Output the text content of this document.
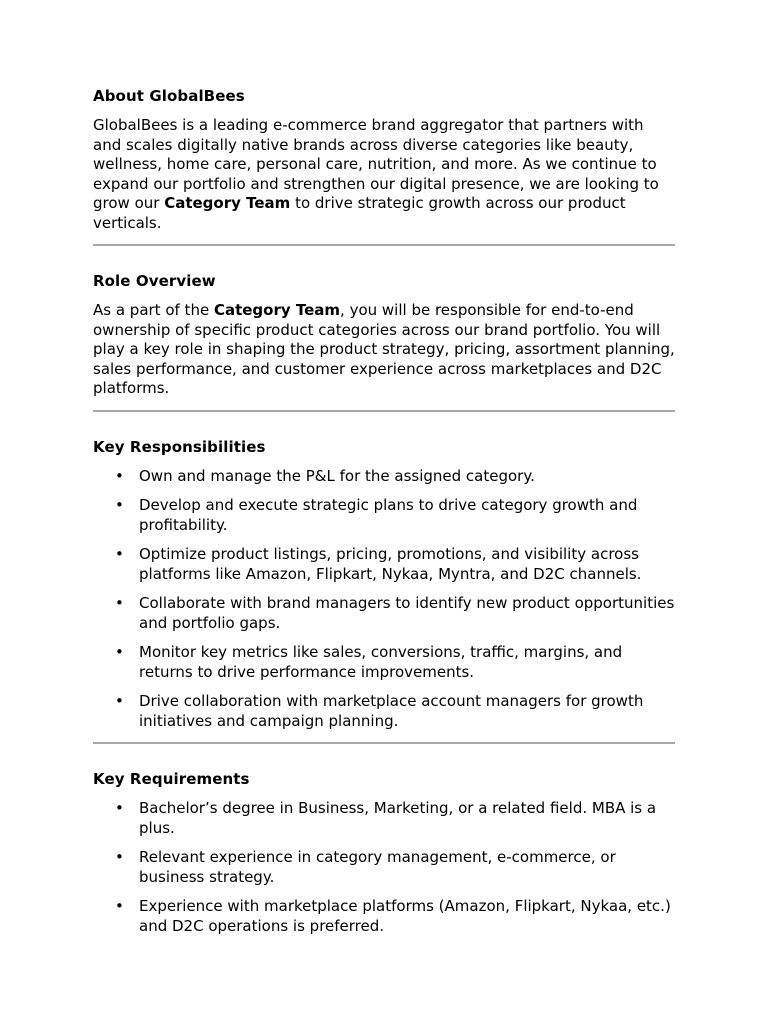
About GlobalBees

GlobalBees is a leading e-commerce brand aggregator that partners with and scales digitally native brands across diverse categories like beauty, wellness, home care, personal care, nutrition, and more. As we continue to expand our portfolio and strengthen our digital presence, we are looking to grow our Category Team to drive strategic growth across our product verticals.

Role Overview

As a part of the Category Team, you will be responsible for end-to-end ownership of specific product categories across our brand portfolio. You will play a key role in shaping the product strategy, pricing, assortment planning, sales performance, and customer experience across marketplaces and D2C platforms.

Key Responsibilities
• Own and manage the P&L for the assigned category.
• Develop and execute strategic plans to drive category growth and profitability.
• Optimize product listings, pricing, promotions, and visibility across platforms like Amazon, Flipkart, Nykaa, Myntra, and D2C channels.
• Collaborate with brand managers to identify new product opportunities and portfolio gaps.
• Monitor key metrics like sales, conversions, traffic, margins, and returns to drive performance improvements.
• Drive collaboration with marketplace account managers for growth initiatives and campaign planning.
Key Requirements
• Bachelor’s degree in Business, Marketing, or a related field. MBA is a plus.
• Relevant experience in category management, e-commerce, or business strategy.
• Experience with marketplace platforms (Amazon, Flipkart, Nykaa, etc.) and D2C operations is preferred.
